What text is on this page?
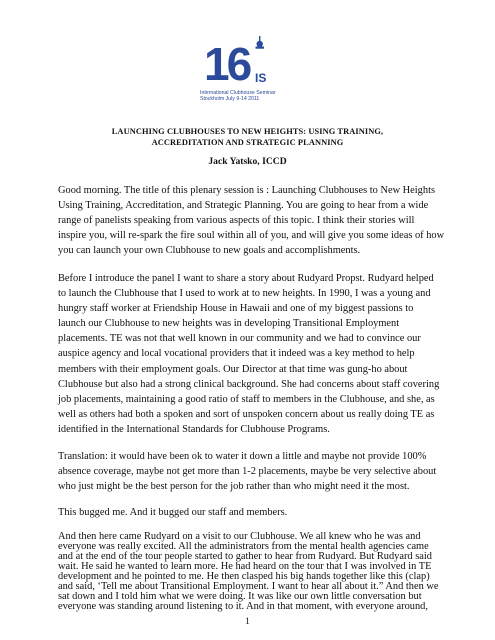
16 IS
International Clubhouse Seminar
Stockholm July 9-14 2011
LAUNCHING CLUBHOUSES TO NEW HEIGHTS: USING TRAINING,
ACCREDITATION AND STRATEGIC PLANNING
Jack Yatsko, ICCD
Good morning. The title of this plenary session is : Launching Clubhouses to New Heights
Using Training, Accreditation, and Strategic Planning. You are going to hear from a wide
range of panelists speaking from various aspects of this topic. I think their stories will
inspire you, will re-spark the fire soul within all of you, and will give you some ideas of how
you can launch your own Clubhouse to new goals and accomplishments.
Before I introduce the panel I want to share a story about Rudyard Propst. Rudyard helped
to launch the Clubhouse that I used to work at to new heights. In 1990, I was a young and
hungry staff worker at Friendship House in Hawaii and one of my biggest passions to
launch our Clubhouse to new heights was in developing Transitional Employment
placements. TE was not that well known in our community and we had to convince our
auspice agency and local vocational providers that it indeed was a key method to help
members with their employment goals. Our Director at that time was gung-ho about
Clubhouse but also had a strong clinical background. She had concerns about staff covering
job placements, maintaining a good ratio of staff to members in the Clubhouse, and she, as
well as others had both a spoken and sort of unspoken concern about us really doing TE as
identified in the International Standards for Clubhouse Programs.
Translation: it would have been ok to water it down a little and maybe not provide 100%
absence coverage, maybe not get more than 1-2 placements, maybe be very selective about
who just might be the best person for the job rather than who might need it the most.
This bugged me. And it bugged our staff and members.
And then here came Rudyard on a visit to our Clubhouse. We all knew who he was and
everyone was really excited. All the administrators from the mental health agencies came
and at the end of the tour people started to gather to hear from Rudyard. But Rudyard said
wait. He said he wanted to learn more. He had heard on the tour that I was involved in TE
development and he pointed to me. He then clasped his big hands together like this (clap)
and said, ‘Tell me about Transitional Employment. I want to hear all about it.” And then we
sat down and I told him what we were doing. It was like our own little conversation but
everyone was standing around listening to it. And in that moment, with everyone around,
1
